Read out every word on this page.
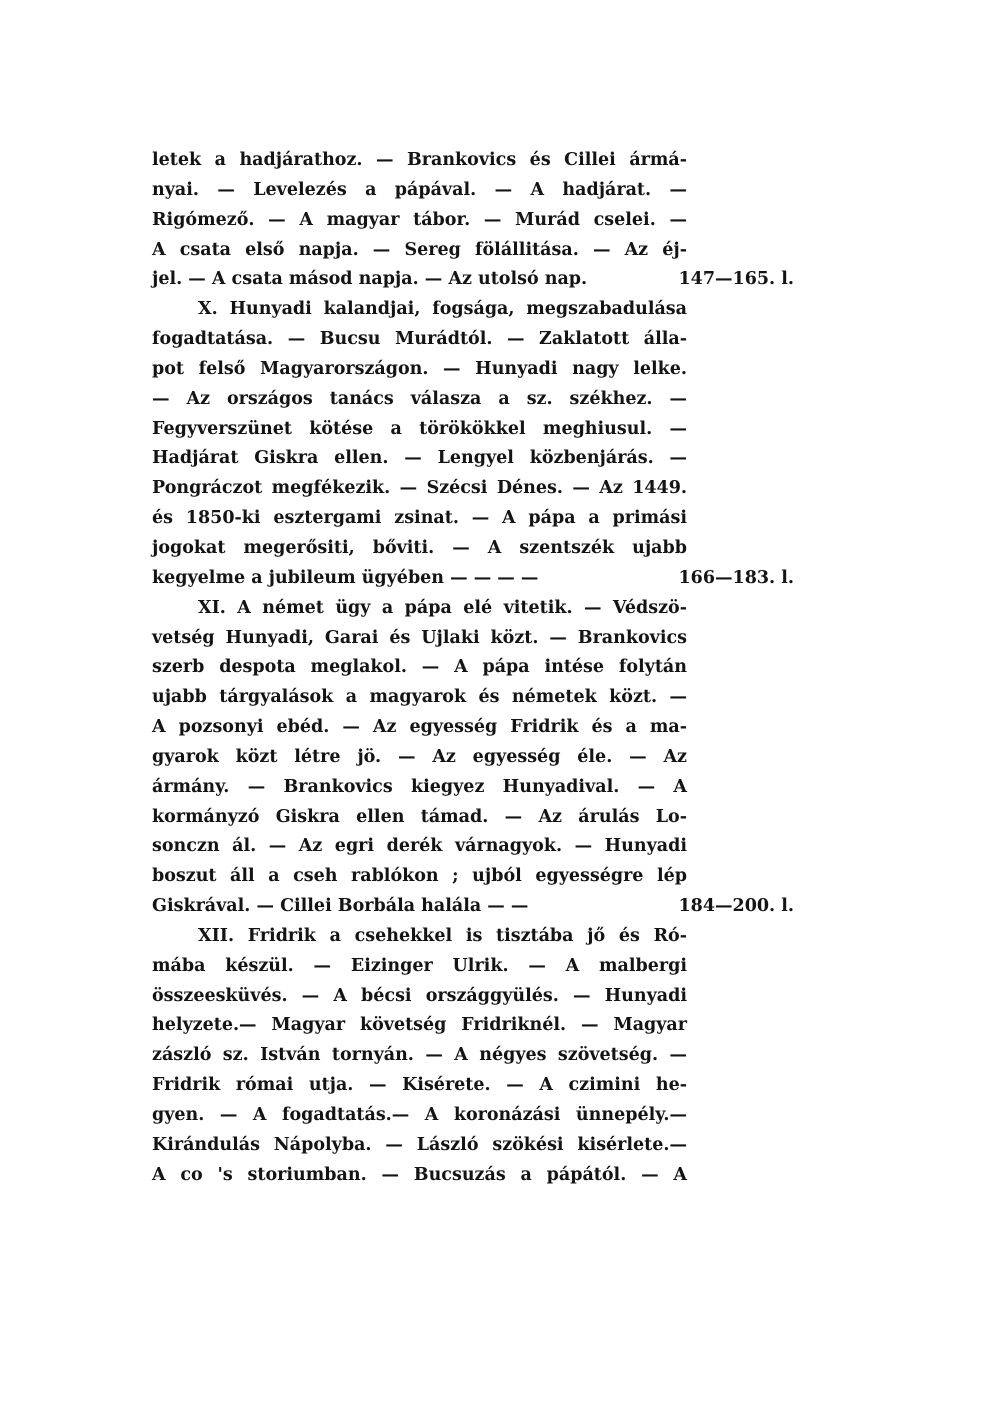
letek a hadjárathoz. — Brankovics és Cillei ármá-
nyai. — Levelezés a pápával. — A hadjárat. —
Rigómező. — A magyar tábor. — Murád cselei. —
A csata első napja. — Sereg fölállitása. — Az éj-
jel. — A csata másod napja. — Az utolsó nap.	147—165. l.
X. Hunyadi kalandjai, fogsága, megszabadulása
fogadtatása. — Bucsu Murádtól. — Zaklatott álla-
pot felső Magyarországon. — Hunyadi nagy lelke.
— Az országos tanács válasza a sz. székhez. —
Fegyverszünet kötése a törökökkel meghiusul. —
Hadjárat Giskra ellen. — Lengyel közbenjárás. —
Pongráczot megfékezik. — Szécsi Dénes. — Az 1449.
és 1850-ki esztergami zsinat. — A pápa a primási
jogokat megerősiti, bőviti. — A szentszék ujabb
kegyelme a jubileum ügyében — — — —	166—183. l.
XI. A német ügy a pápa elé vitetik. — Védszö-
vetség Hunyadi, Garai és Ujlaki közt. — Brankovics
szerb despota meglakol. — A pápa intése folytán
ujabb tárgyalások a magyarok és németek közt. —
A pozsonyi ebéd. — Az egyesség Fridrik és a ma-
gyarok közt létre jö. — Az egyesség éle. — Az
ármány. — Brankovics kiegyez Hunyadival. — A
kormányzó Giskra ellen támad. — Az árulás Lo-
sonczn ál. — Az egri derék várnagyok. — Hunyadi
boszut áll a cseh rablókon ; ujból egyességre lép
Giskrával. — Cillei Borbála halála — —	184—200. l.
XII. Fridrik a csehekkel is tisztába jő és Ró-
mába készül. — Eizinger Ulrik. — A malbergi
összeesküvés. — A bécsi országgyülés. — Hunyadi
helyzete.— Magyar követség Fridriknél. — Magyar
zászló sz. István tornyán. — A négyes szövetség. —
Fridrik római utja. — Kisérete. — A czimini he-
gyen. — A fogadtatás.— A koronázási ünnepély.—
Kirándulás Nápolyba. — László szökési kisérlete.—
A co 's storiumban. — Bucsuzás a pápától. — A
